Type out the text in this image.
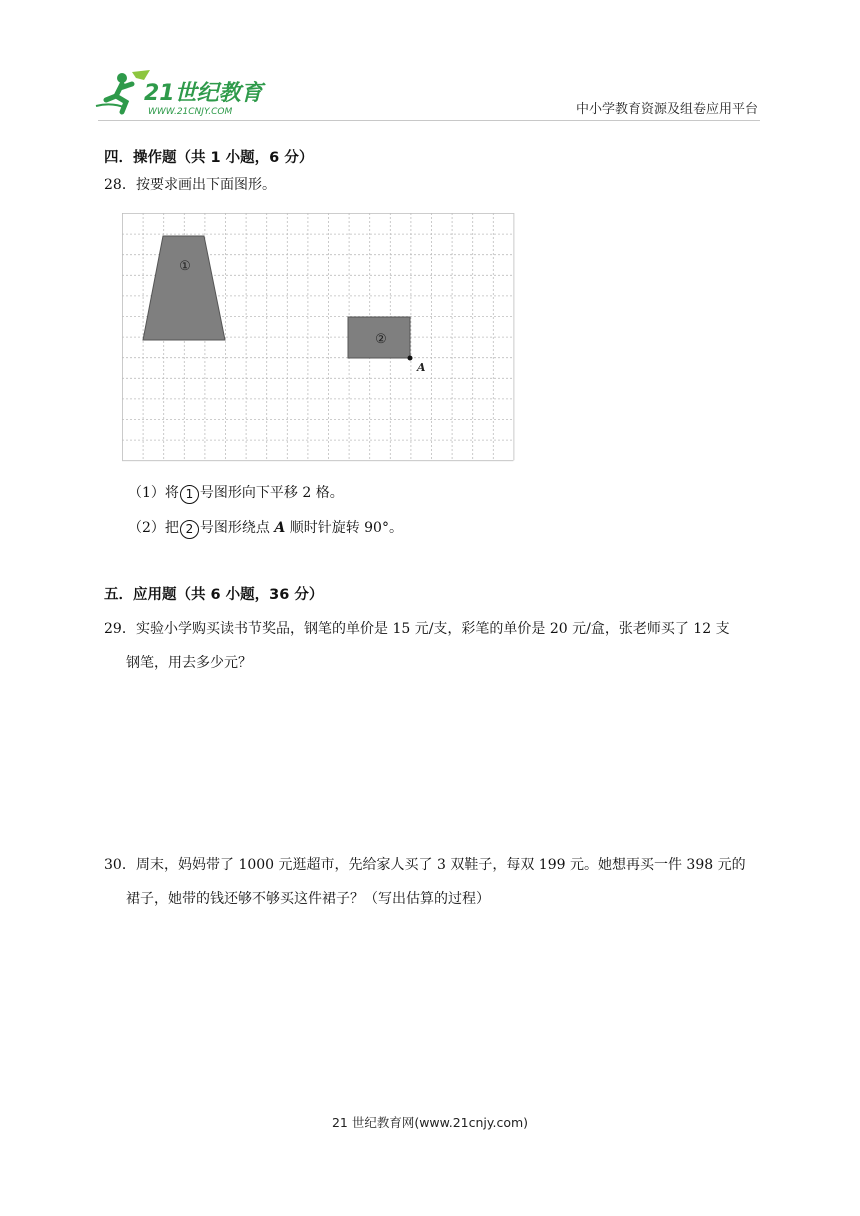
21世纪教育
WWW.21CNJY.COM	中小学教育资源及组卷应用平台
四．操作题（共 1 小题，6 分）
28．按要求画出下面图形。
①
②
A
（1）将 1 号图形向下平移 2 格。
（2）把 2 号图形绕点 A 顺时针旋转 90°。
五．应用题（共 6 小题，36 分）
29．实验小学购买读书节奖品，钢笔的单价是 15 元/支，彩笔的单价是 20 元/盒，张老师买了 12 支
钢笔，用去多少元？
30．周末，妈妈带了 1000 元逛超市，先给家人买了 3 双鞋子，每双 199 元。她想再买一件 398 元的
裙子，她带的钱还够不够买这件裙子？（写出估算的过程）
21 世纪教育网(www.21cnjy.com)
